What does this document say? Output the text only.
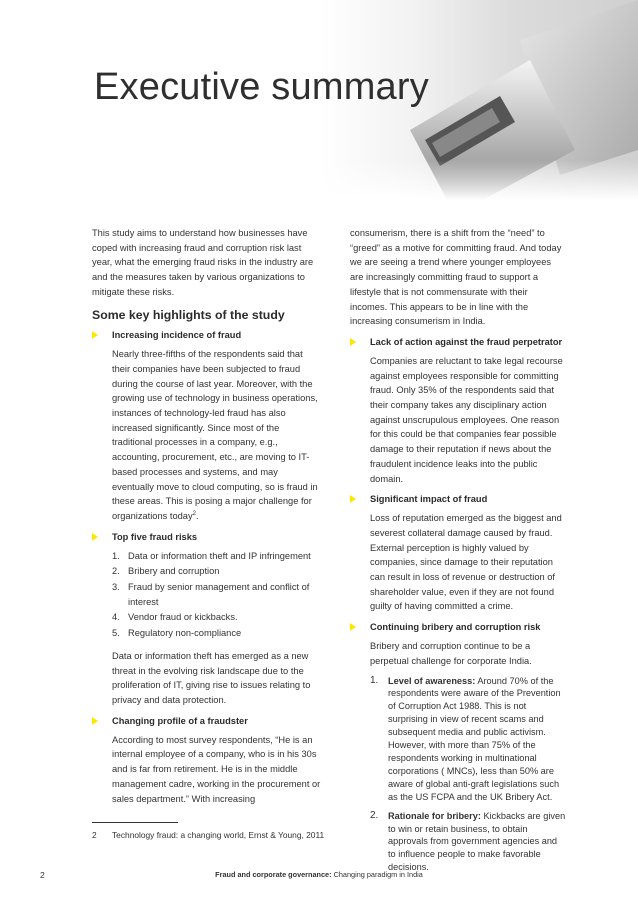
Executive summary

This study aims to understand how businesses have coped with increasing fraud and corruption risk last year, what the emerging fraud risks in the industry are and the measures taken by various organizations to mitigate these risks.

Some key highlights of the study
Increasing incidence of fraud

Nearly three-fifths of the respondents said that their companies have been subjected to fraud during the course of last year. Moreover, with the growing use of technology in business operations, instances of technology-led fraud has also increased significantly. Since most of the traditional processes in a company, e.g., accounting, procurement, etc., are moving to IT-based processes and systems, and may eventually move to cloud computing, so is fraud in these areas. This is posing a major challenge for organizations today$^2$.

Top five fraud risks
1. Data or information theft and IP infringement
2. Bribery and corruption
3. Fraud by senior management and conflict of interest
4. Vendor fraud or kickbacks.
5. Regulatory non-compliance

Data or information theft has emerged as a new threat in the evolving risk landscape due to the proliferation of IT, giving rise to issues relating to privacy and data protection.

Changing profile of a fraudster

According to most survey respondents, “He is an internal employee of a company, who is in his 30s and is far from retirement. He is in the middle management cadre, working in the procurement or sales department.” With increasing

consumerism, there is a shift from the “need” to “greed” as a motive for committing fraud. And today we are seeing a trend where younger employees are increasingly committing fraud to support a lifestyle that is not commensurate with their incomes. This appears to be in line with the increasing consumerism in India.

Lack of action against the fraud perpetrator

Companies are reluctant to take legal recourse against employees responsible for committing fraud. Only 35% of the respondents said that their company takes any disciplinary action against unscrupulous employees. One reason for this could be that companies fear possible damage to their reputation if news about the fraudulent incidence leaks into the public domain.

Significant impact of fraud

Loss of reputation emerged as the biggest and severest collateral damage caused by fraud. External perception is highly valued by companies, since damage to their reputation can result in loss of revenue or destruction of shareholder value, even if they are not found guilty of having committed a crime.

Continuing bribery and corruption risk

Bribery and corruption continue to be a perpetual challenge for corporate India.

1.	Level of awareness: Around 70% of the respondents were aware of the Prevention of Corruption Act 1988. This is not surprising in view of recent scams and subsequent media and public activism. However, with more than 75% of the respondents working in multinational corporations ( MNCs), less than 50% are aware of global anti-graft legislations such as the US FCPA and the UK Bribery Act.
2.	Rationale for bribery: Kickbacks are given to win or retain business, to obtain approvals from government agencies and to influence people to make favorable decisions.
2	Technology fraud: a changing world, Ernst & Young, 2011
2	Fraud and corporate governance: Changing paradigm in India
